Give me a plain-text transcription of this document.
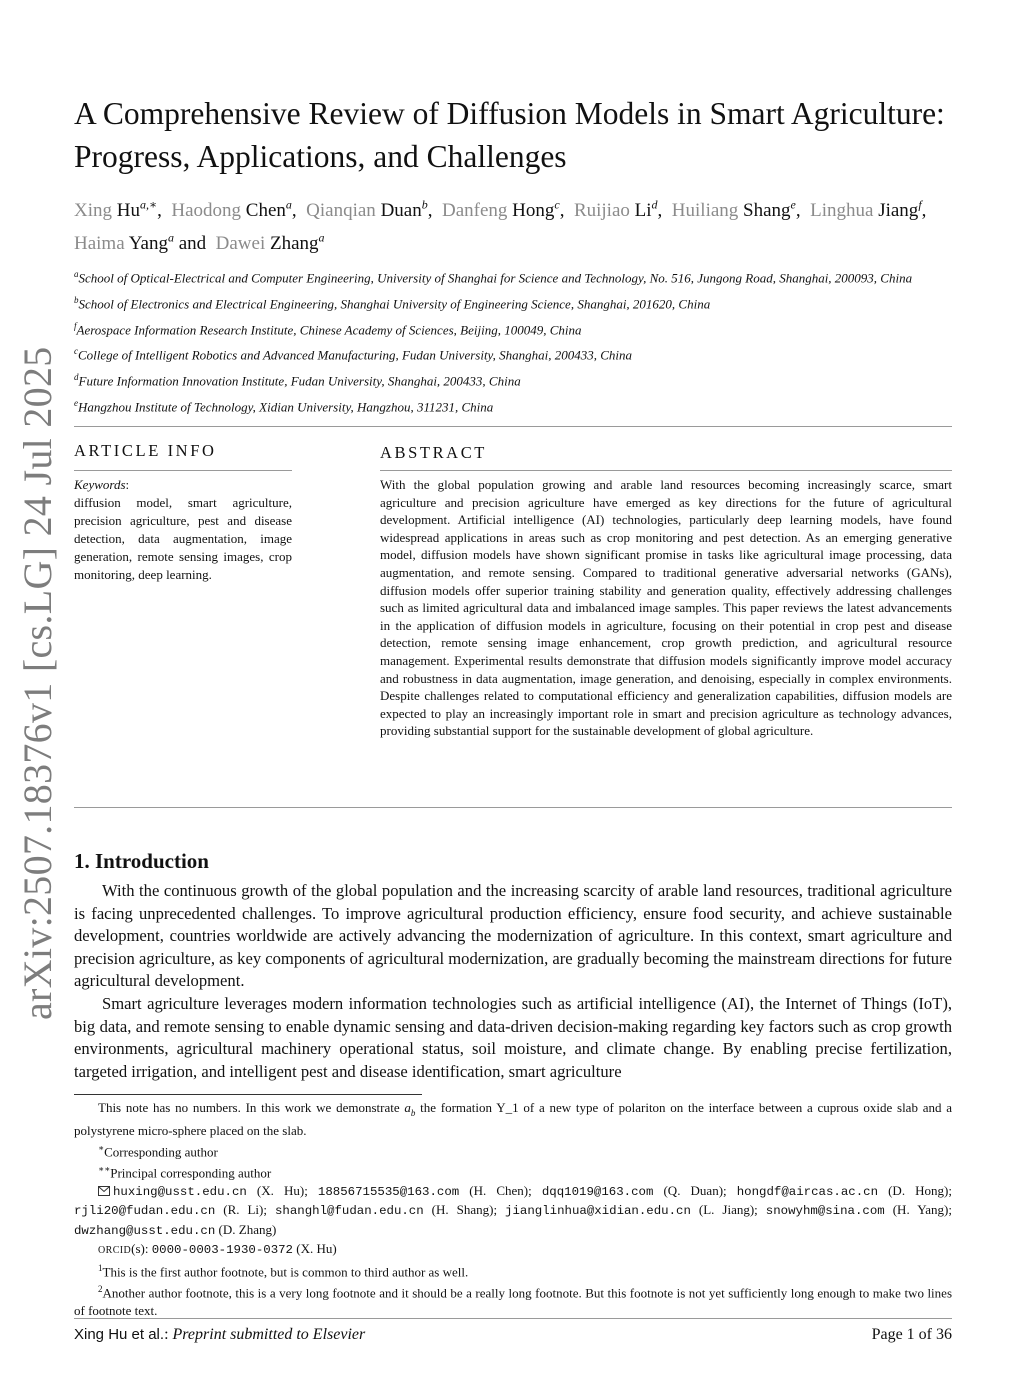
arXiv:2507.18376v1 [cs.LG] 24 Jul 2025
A Comprehensive Review of Diffusion Models in Smart Agriculture: Progress, Applications, and Challenges
Xing $Hu^{a,∗}$,  Haodong Chen$^a$,  Qianqian Duan$^b$,  Danfeng Hong$^c$,  Ruijiao Li$^d$,  Huiliang Shang$^e$,  Linghua Jiang$^f$, Haima Yang$^a$ and  Dawei Zhang$^a$
$^a$School of Optical-Electrical and Computer Engineering, University of Shanghai for Science and Technology, No. 516, Jungong Road, Shanghai, 200093, China
$^b$School of Electronics and Electrical Engineering, Shanghai University of Engineering Science, Shanghai, 201620, China
$^f$Aerospace Information Research Institute, Chinese Academy of Sciences, Beijing, 100049, China
$^c$College of Intelligent Robotics and Advanced Manufacturing, Fudan University, Shanghai, 200433, China
$^d$Future Information Innovation Institute, Fudan University, Shanghai, 200433, China
$^e$Hangzhou Institute of Technology, Xidian University, Hangzhou, 311231, China
ARTICLE INFO
Keywords:
diffusion model, smart agriculture, precision agriculture, pest and disease detection, data augmentation, image generation, remote sensing images, crop monitoring, deep learning.
ABSTRACT
With the global population growing and arable land resources becoming increasingly scarce, smart agriculture and precision agriculture have emerged as key directions for the future of agricultural development. Artificial intelligence (AI) technologies, particularly deep learning models, have found widespread applications in areas such as crop monitoring and pest detection. As an emerging generative model, diffusion models have shown significant promise in tasks like agricultural image processing, data augmentation, and remote sensing. Compared to traditional generative adversarial networks (GANs), diffusion models offer superior training stability and generation quality, effectively addressing challenges such as limited agricultural data and imbalanced image samples. This paper reviews the latest advancements in the application of diffusion models in agriculture, focusing on their potential in crop pest and disease detection, remote sensing image enhancement, crop growth prediction, and agricultural resource management. Experimental results demonstrate that diffusion models significantly improve model accuracy and robustness in data augmentation, image generation, and denoising, especially in complex environments. Despite challenges related to computational efficiency and generalization capabilities, diffusion models are expected to play an increasingly important role in smart and precision agriculture as technology advances, providing substantial support for the sustainable development of global agriculture.
1. Introduction

With the continuous growth of the global population and the increasing scarcity of arable land resources, traditional agriculture is facing unprecedented challenges. To improve agricultural production efficiency, ensure food security, and achieve sustainable development, countries worldwide are actively advancing the modernization of agriculture. In this context, smart agriculture and precision agriculture, as key components of agricultural modernization, are gradually becoming the mainstream directions for future agricultural development.

Smart agriculture leverages modern information technologies such as artificial intelligence (AI), the Internet of Things (IoT), big data, and remote sensing to enable dynamic sensing and data-driven decision-making regarding key factors such as crop growth environments, agricultural machinery operational status, soil moisture, and climate change. By enabling precise fertilization, targeted irrigation, and intelligent pest and disease identification, smart agriculture

This note has no numbers. In this work we demonstrate $a_b$ the formation Y_1 of a new type of polariton on the interface between a cuprous oxide slab and a polystyrene micro-sphere placed on the slab.

∗Corresponding author

∗∗Principal corresponding author

huxing@usst.edu.cn (X. Hu); 18856715535@163.com (H. Chen); dqq1019@163.com (Q. Duan); hongdf@aircas.ac.cn (D. Hong); rjli20@fudan.edu.cn (R. Li); shanghl@fudan.edu.cn (H. Shang); jianglinhua@xidian.edu.cn (L. Jiang); snowyhm@sina.com (H. Yang); dwzhang@usst.edu.cn (D. Zhang)

ORCID(s): 0000-0003-1930-0372 (X. Hu)

$^1$This is the first author footnote, but is common to third author as well.

$^2$Another author footnote, this is a very long footnote and it should be a really long footnote. But this footnote is not yet sufficiently long enough to make two lines of footnote text.

Xing Hu et al.: Preprint submitted to Elsevier	Page 1 of 36
